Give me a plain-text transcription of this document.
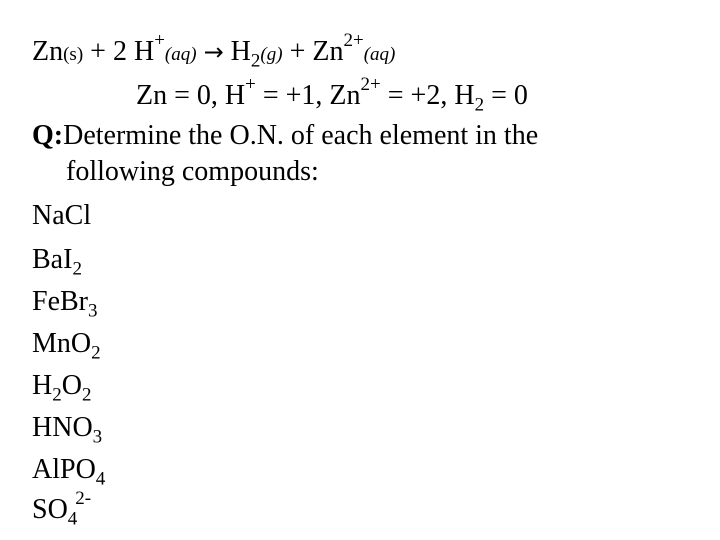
Zn(s) + 2 $H^+(aq) \to H_2(g) + Zn^{2+}(aq)$
Zn = 0, H+ = +1, $Zn^{2+} = +2$, $H_2 = 0$
Q:Determine the O.N. of each element in the
following compounds:
NaCl
BaI$_2$
FeBr$_3$
MnO$_2$
$H_2O_2$
$HNO_3$
AlPO$_4$
$SO_4^{2-}$
